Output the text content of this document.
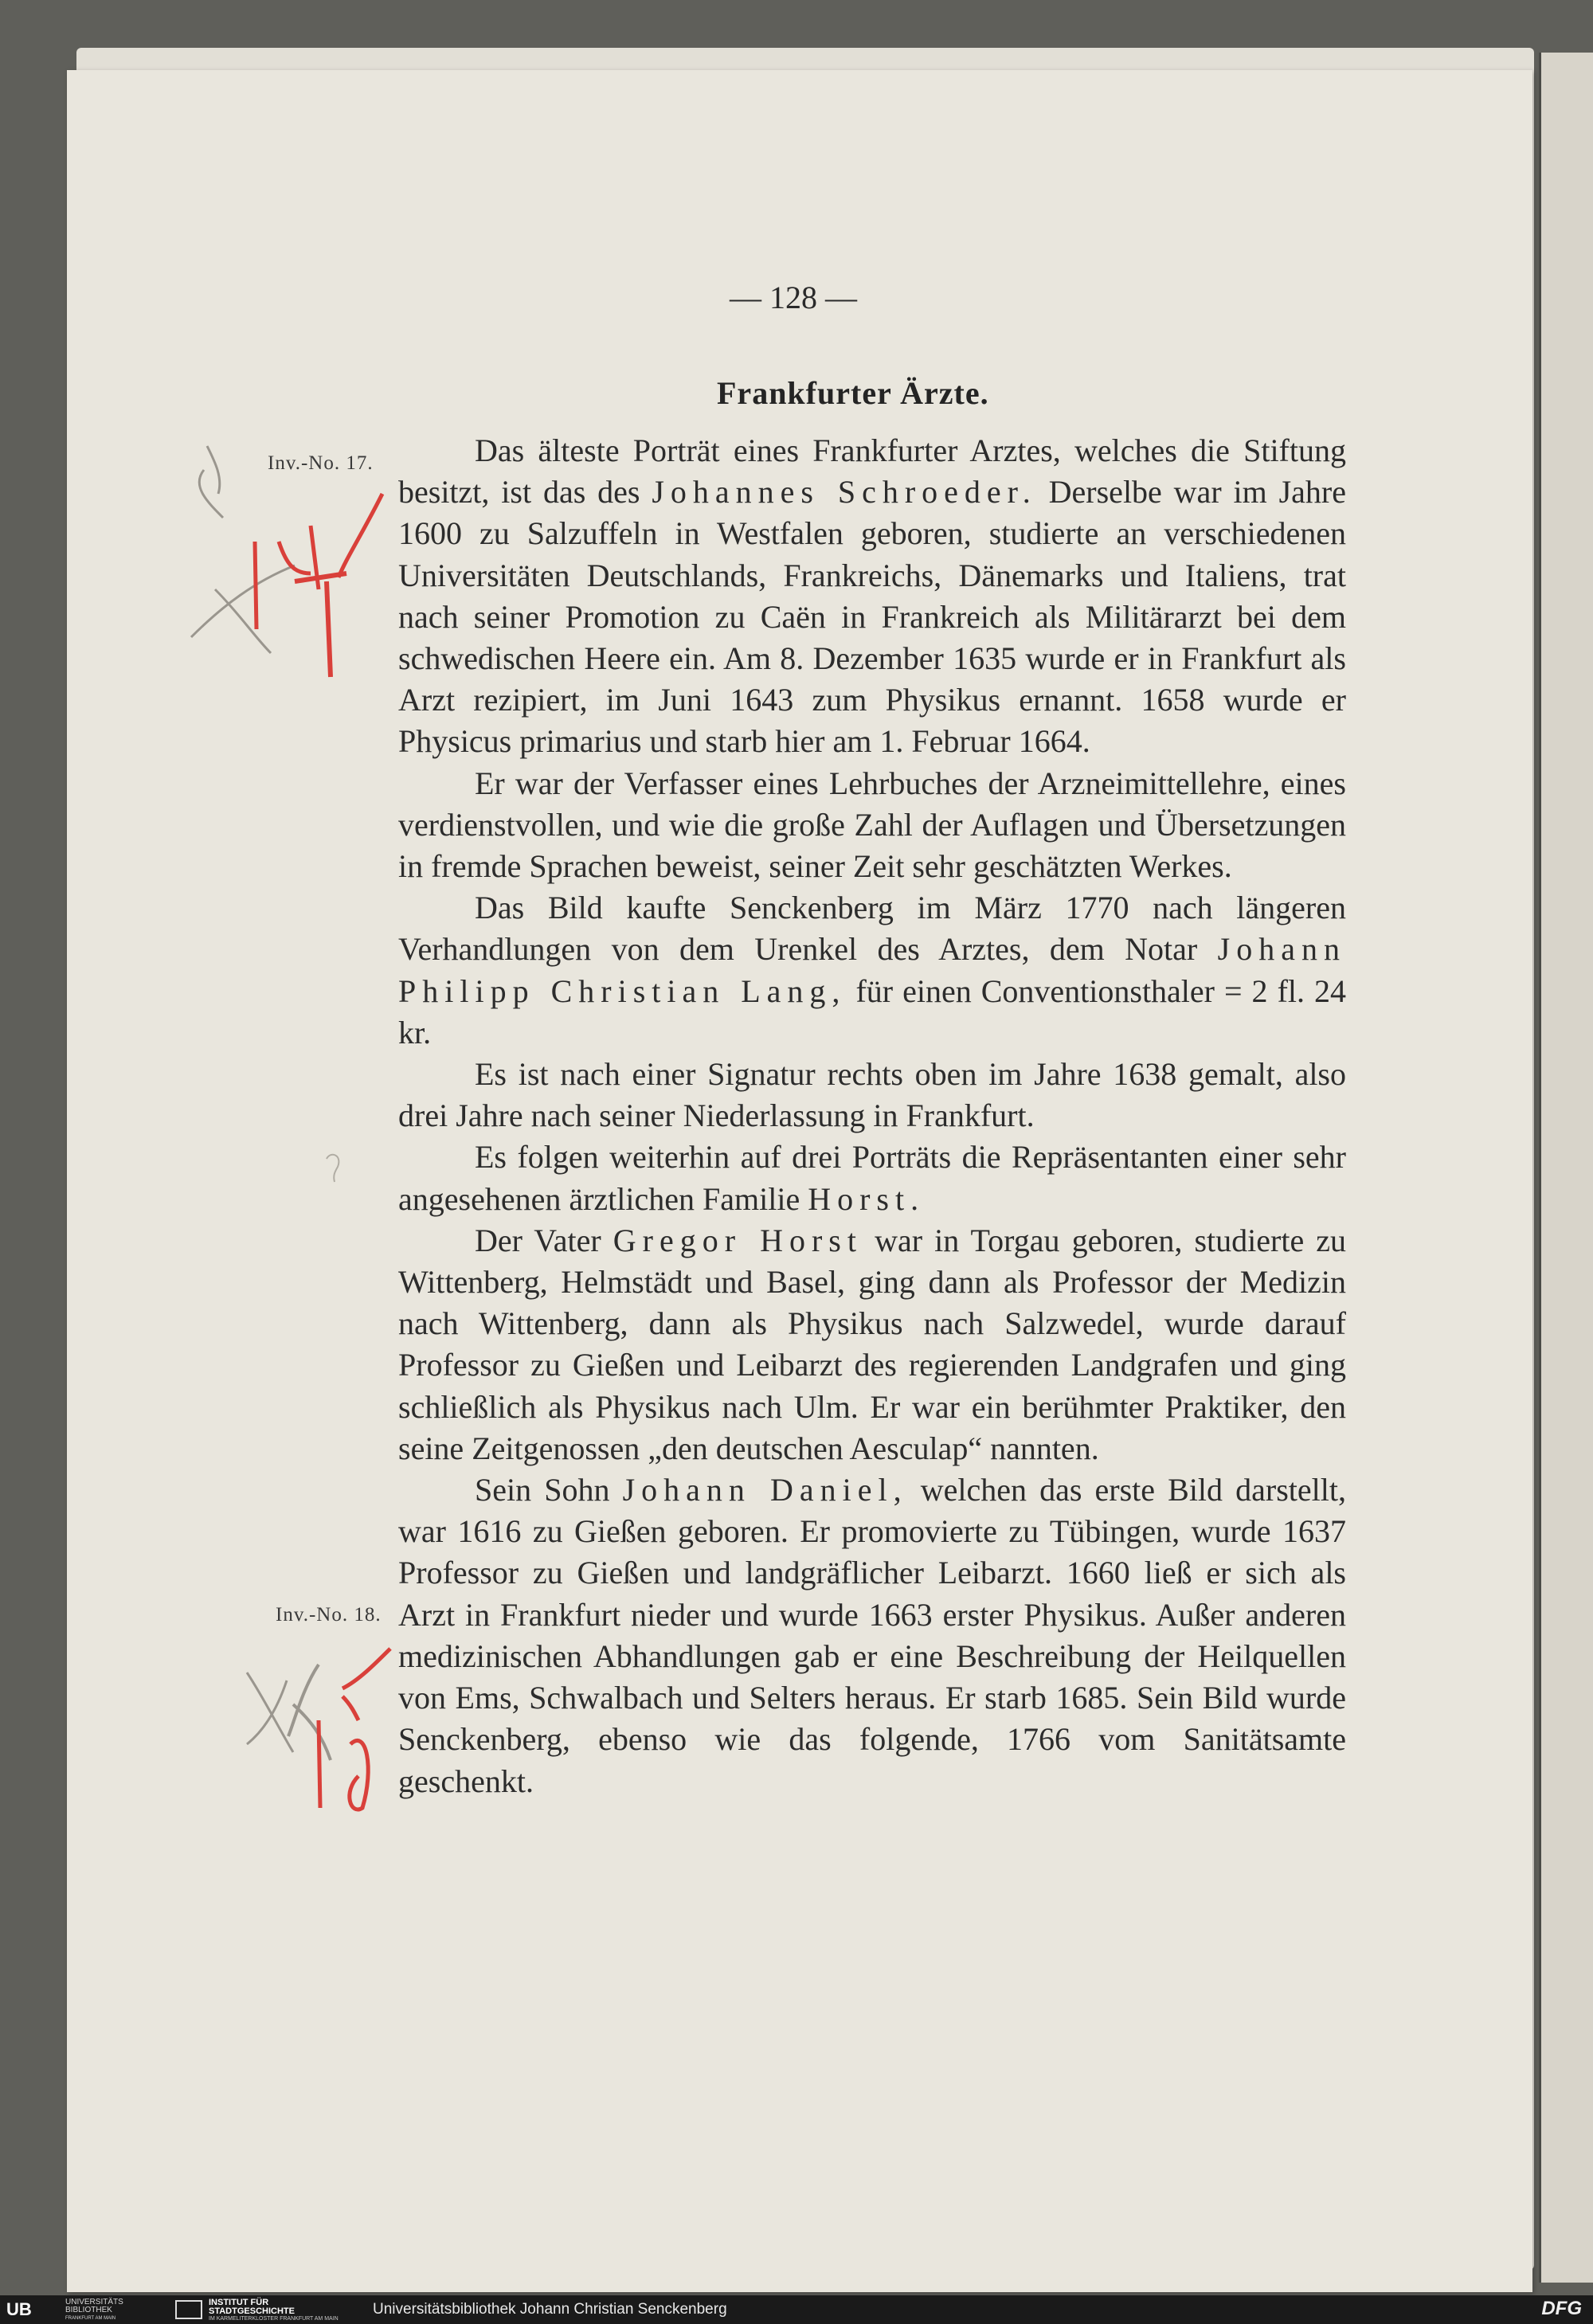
— 128 —
Frankfurter Ärzte.
Inv.-No. 17.
Inv.-No. 18.

Das älteste Porträt eines Frankfurter Arztes, welches die Stiftung besitzt, ist das des Johannes Schroeder. Derselbe war im Jahre 1600 zu Salzuffeln in Westfalen geboren, studierte an verschiedenen Universitäten Deutschlands, Frankreichs, Dänemarks und Italiens, trat nach seiner Promotion zu Caën in Frankreich als Militärarzt bei dem schwedischen Heere ein. Am 8. Dezember 1635 wurde er in Frankfurt als Arzt rezipiert, im Juni 1643 zum Physikus ernannt. 1658 wurde er Physicus primarius und starb hier am 1. Februar 1664.

Er war der Verfasser eines Lehrbuches der Arzneimittellehre, eines verdienstvollen, und wie die große Zahl der Auflagen und Übersetzungen in fremde Sprachen beweist, seiner Zeit sehr geschätzten Werkes.

Das Bild kaufte Senckenberg im März 1770 nach längeren Verhandlungen von dem Urenkel des Arztes, dem Notar Johann Philipp Christian Lang, für einen Conventionsthaler = 2 fl. 24 kr.

Es ist nach einer Signatur rechts oben im Jahre 1638 gemalt, also drei Jahre nach seiner Niederlassung in Frankfurt.

Es folgen weiterhin auf drei Porträts die Repräsentanten einer sehr angesehenen ärztlichen Familie Horst.

Der Vater Gregor Horst war in Torgau geboren, studierte zu Wittenberg, Helmstädt und Basel, ging dann als Professor der Medizin nach Wittenberg, dann als Physikus nach Salzwedel, wurde darauf Professor zu Gießen und Leibarzt des regierenden Landgrafen und ging schließlich als Physikus nach Ulm. Er war ein berühmter Praktiker, den seine Zeitgenossen „den deutschen Aesculap“ nannten.

Sein Sohn Johann Daniel, welchen das erste Bild darstellt, war 1616 zu Gießen geboren. Er promovierte zu Tübingen, wurde 1637 Professor zu Gießen und landgräflicher Leibarzt. 1660 ließ er sich als Arzt in Frankfurt nieder und wurde 1663 erster Physikus. Außer anderen medizinischen Abhandlungen gab er eine Beschreibung der Heilquellen von Ems, Schwalbach und Selters heraus. Er starb 1685. Sein Bild wurde Senckenberg, ebenso wie das folgende, 1766 vom Sanitätsamte geschenkt.

UB	UNIVERSITÄTS
BIBLIOTHEK
FRANKFURT AM MAIN
INSTITUT FÜR
STADTGESCHICHTE
IM KARMELITERKLOSTER FRANKFURT AM MAIN
Universitätsbibliothek Johann Christian Senckenberg	DFG
